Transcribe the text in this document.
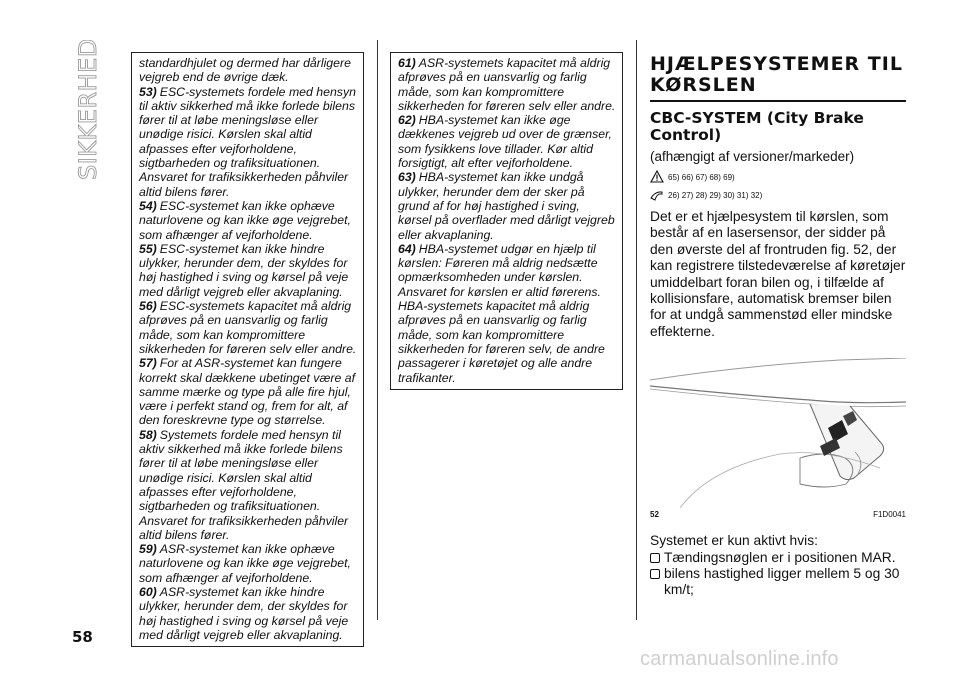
SIKKERHED	standardhjulet og dermed har dårligere vejgreb end de øvrige dæk.

53) ESC-systemets fordele med hensyn til aktiv sikkerhed må ikke forlede bilens fører til at løbe meningsløse eller unødige risici. Kørslen skal altid afpasses efter vejforholdene, sigtbarheden og trafiksituationen. Ansvaret for trafiksikkerheden påhviler altid bilens fører.

54) ESC-systemet kan ikke ophæve naturlovene og kan ikke øge vejgrebet, som afhænger af vejforholdene.

55) ESC-systemet kan ikke hindre ulykker, herunder dem, der skyldes for høj hastighed i sving og kørsel på veje med dårligt vejgreb eller akvaplaning.

56) ESC-systemets kapacitet må aldrig afprøves på en uansvarlig og farlig måde, som kan kompromittere sikkerheden for føreren selv eller andre.

57) For at ASR-systemet kan fungere korrekt skal dækkene ubetinget være af samme mærke og type på alle fire hjul, være i perfekt stand og, frem for alt, af den foreskrevne type og størrelse.

58) Systemets fordele med hensyn til aktiv sikkerhed må ikke forlede bilens fører til at løbe meningsløse eller unødige risici. Kørslen skal altid afpasses efter vejforholdene, sigtbarheden og trafiksituationen. Ansvaret for trafiksikkerheden påhviler altid bilens fører.

59) ASR-systemet kan ikke ophæve naturlovene og kan ikke øge vejgrebet, som afhænger af vejforholdene.

60) ASR-systemet kan ikke hindre ulykker, herunder dem, der skyldes for høj hastighed i sving og kørsel på veje med dårligt vejgreb eller akvaplaning.

61) ASR-systemets kapacitet må aldrig afprøves på en uansvarlig og farlig måde, som kan kompromittere sikkerheden for føreren selv eller andre.

62) HBA-systemet kan ikke øge dækkenes vejgreb ud over de grænser, som fysikkens love tillader. Kør altid forsigtigt, alt efter vejforholdene.

63) HBA-systemet kan ikke undgå ulykker, herunder dem der sker på grund af for høj hastighed i sving, kørsel på overflader med dårligt vejgreb eller akvaplaning.

64) HBA-systemet udgør en hjælp til kørslen: Føreren må aldrig nedsætte opmærksomheden under kørslen. Ansvaret for kørslen er altid førerens. HBA-systemets kapacitet må aldrig afprøves på en uansvarlig og farlig måde, som kan kompromittere sikkerheden for føreren selv, de andre passagerer i køretøjet og alle andre trafikanter.

HJÆLPESYSTEMER TIL KØRSLEN
CBC-SYSTEM (City Brake Control)

(afhængigt af versioner/markeder)

65) 66) 67) 68) 69)
26) 27) 28) 29) 30) 31) 32)

Det er et hjælpesystem til kørslen, som består af en lasersensor, der sidder på den øverste del af frontruden fig. 52, der kan registrere tilstedeværelse af køretøjer umiddelbart foran bilen og, i tilfælde af kollisionsfare, automatisk bremser bilen for at undgå sammenstød eller mindske effekterne.

52	F1D0041

Systemet er kun aktivt hvis:

Tændingsnøglen er i positionen MAR.
bilens hastighed ligger mellem 5 og 30 km/t;
58
carmanualsonline.info
